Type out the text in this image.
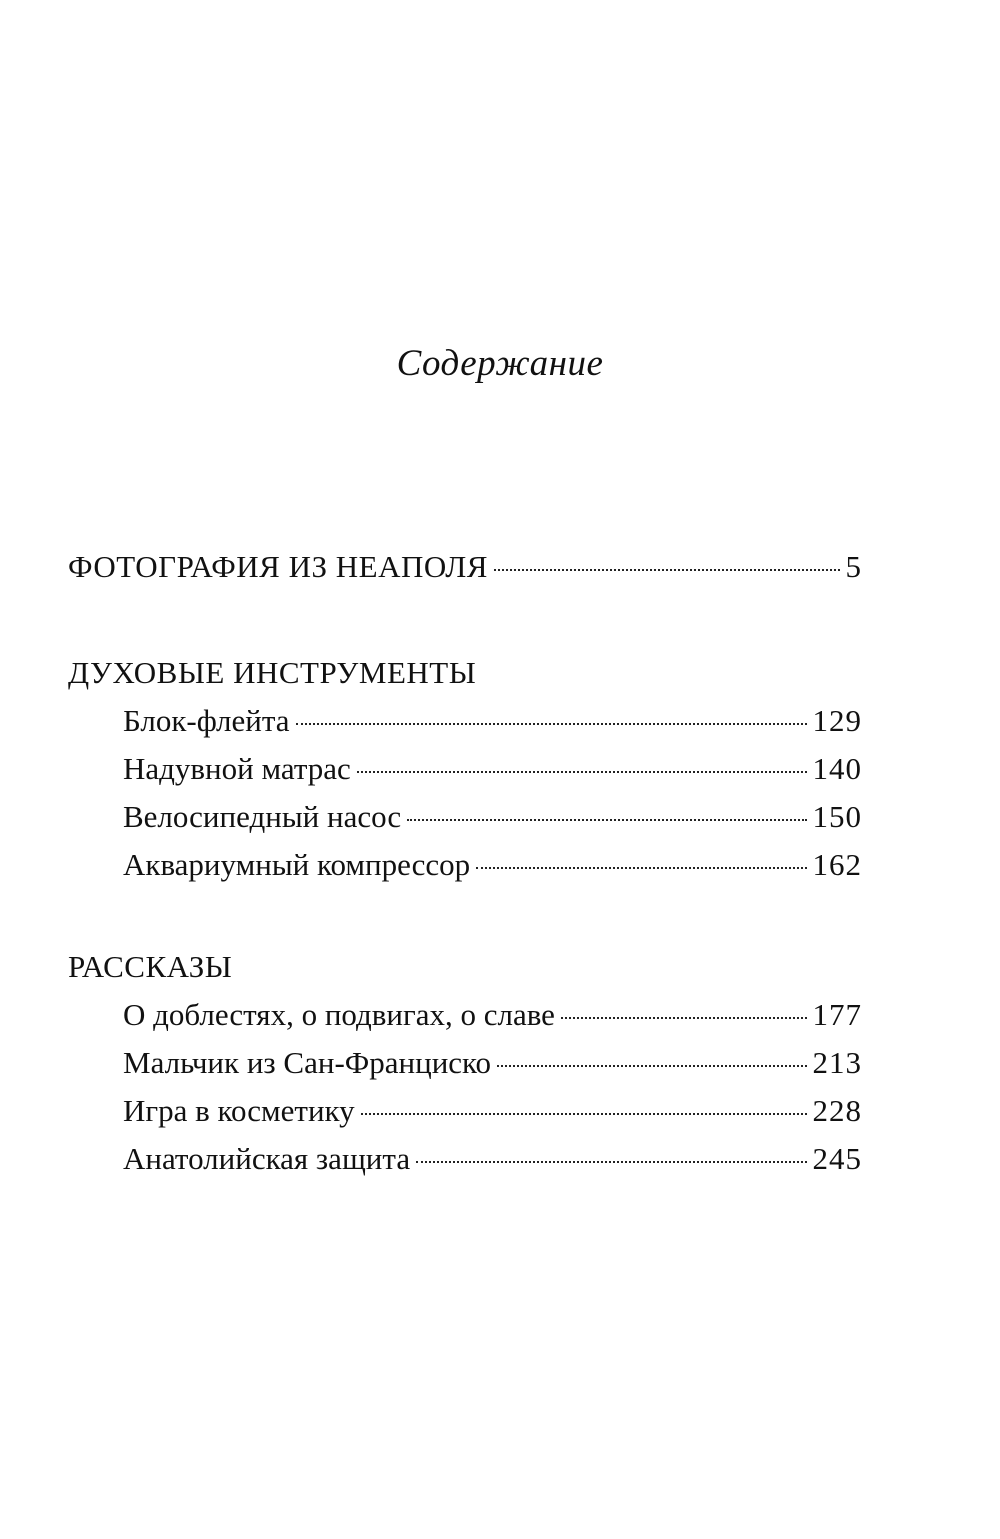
Содержание
ФОТОГРАФИЯ ИЗ НЕАПОЛЯ	5
ДУХОВЫЕ ИНСТРУМЕНТЫ
Блок-флейта	129
Надувной матрас	140
Велосипедный насос	150
Аквариумный компрессор	162
РАССКАЗЫ
О доблестях, о подвигах, о славе	177
Мальчик из Сан-Франциско	213
Игра в косметику	228
Анатолийская защита	245
